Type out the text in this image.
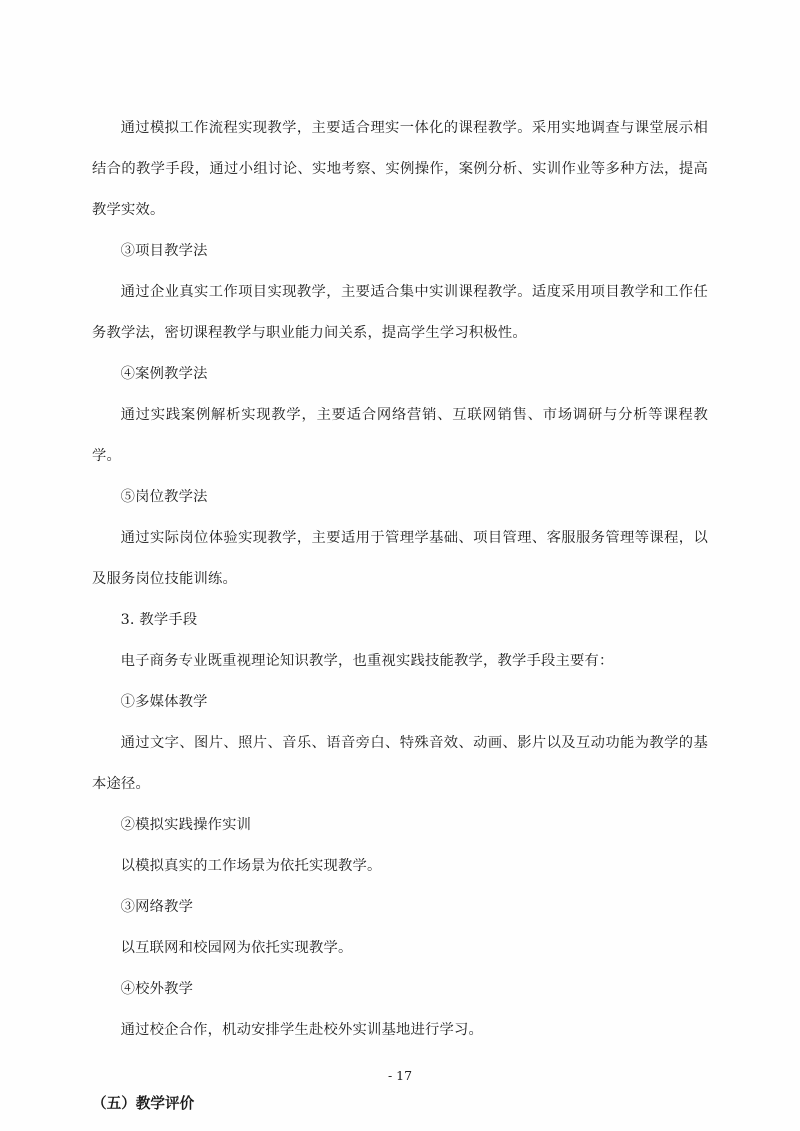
通过模拟工作流程实现教学，主要适合理实一体化的课程教学。采用实地调查与课堂展示相结合的教学手段，通过小组讨论、实地考察、实例操作，案例分析、实训作业等多种方法，提高教学实效。

③项目教学法

通过企业真实工作项目实现教学，主要适合集中实训课程教学。适度采用项目教学和工作任务教学法，密切课程教学与职业能力间关系，提高学生学习积极性。

④案例教学法

通过实践案例解析实现教学，主要适合网络营销、互联网销售、市场调研与分析等课程教学。

⑤岗位教学法

通过实际岗位体验实现教学，主要适用于管理学基础、项目管理、客服服务管理等课程，以及服务岗位技能训练。

3. 教学手段

电子商务专业既重视理论知识教学，也重视实践技能教学，教学手段主要有：

①多媒体教学

通过文字、图片、照片、音乐、语音旁白、特殊音效、动画、影片以及互动功能为教学的基本途径。

②模拟实践操作实训

以模拟真实的工作场景为依托实现教学。

③网络教学

以互联网和校园网为依托实现教学。

④校外教学

通过校企合作，机动安排学生赴校外实训基地进行学习。

（五）教学评价

- 17
